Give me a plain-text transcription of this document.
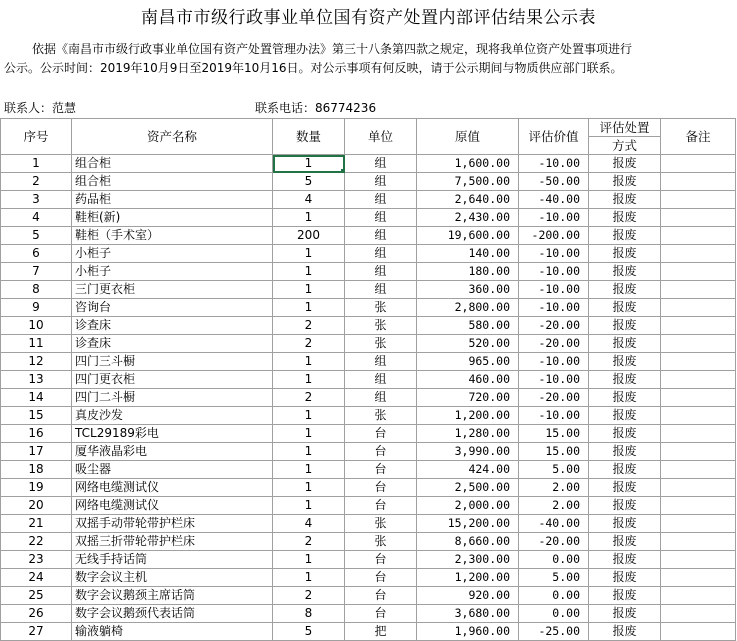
南昌市市级行政事业单位国有资产处置内部评估结果公示表
依据《南昌市市级行政事业单位国有资产处置管理办法》第三十八条第四款之规定，现将我单位资产处置事项进行
公示。公示时间：2019年10月9日至2019年10月16日。对公示事项有何反映，请于公示期间与物质供应部门联系。
联系人：范慧	联系电话：86774236
序号	资产名称	数量	单位	原值	评估价值	评估处置	备注
						方式	
1	组合柜	1	组	1,600.00	-10.00	报废	
2	组合柜	5	组	7,500.00	-50.00	报废	
3	药品柜	4	组	2,640.00	-40.00	报废	
4	鞋柜(新)	1	组	2,430.00	-10.00	报废	
5	鞋柜（手术室）	200	组	19,600.00	-200.00	报废	
6	小柜子	1	组	140.00	-10.00	报废	
7	小柜子	1	组	180.00	-10.00	报废	
8	三门更衣柜	1	组	360.00	-10.00	报废	
9	咨询台	1	张	2,800.00	-10.00	报废	
10	诊查床	2	张	580.00	-20.00	报废	
11	诊查床	2	张	520.00	-20.00	报废	
12	四门三斗橱	1	组	965.00	-10.00	报废	
13	四门更衣柜	1	组	460.00	-10.00	报废	
14	四门二斗橱	2	组	720.00	-20.00	报废	
15	真皮沙发	1	张	1,200.00	-10.00	报废	
16	TCL29189彩电	1	台	1,280.00	15.00	报废	
17	厦华液晶彩电	1	台	3,990.00	15.00	报废	
18	吸尘器	1	台	424.00	5.00	报废	
19	网络电缆测试仪	1	台	2,500.00	2.00	报废	
20	网络电缆测试仪	1	台	2,000.00	2.00	报废	
21	双摇手动带轮带护栏床	4	张	15,200.00	-40.00	报废	
22	双摇三折带轮带护栏床	2	张	8,660.00	-20.00	报废	
23	无线手持话筒	1	台	2,300.00	0.00	报废	
24	数字会议主机	1	台	1,200.00	5.00	报废	
25	数字会议鹅颈主席话筒	2	台	920.00	0.00	报废	
26	数字会议鹅颈代表话筒	8	台	3,680.00	0.00	报废	
27	输液躺椅	5	把	1,960.00	-25.00	报废	
